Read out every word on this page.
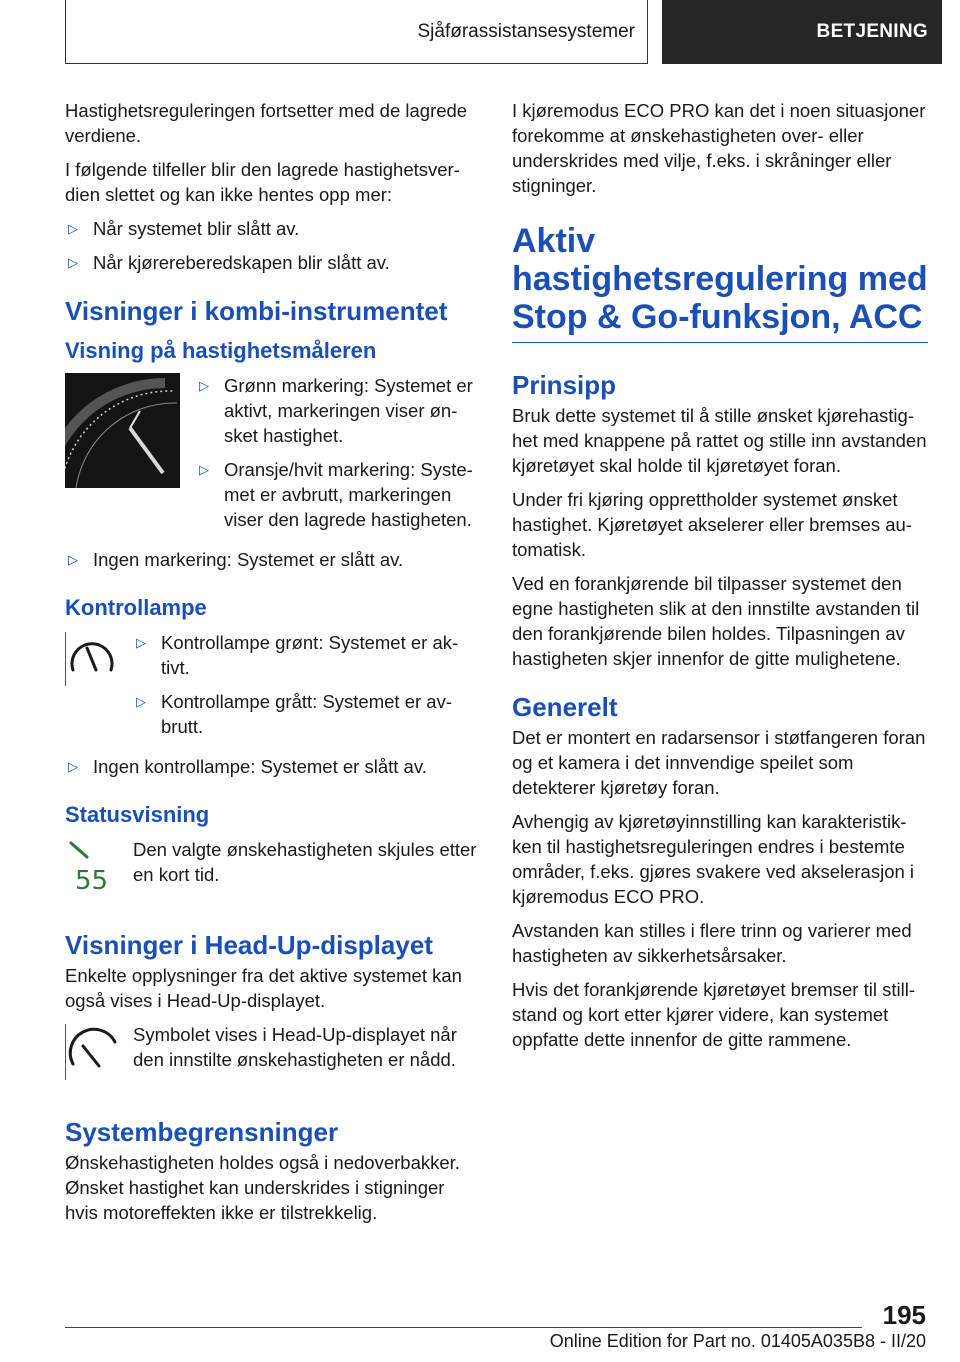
Sjåførassistansesystemer	BETJENING

Hastighetsreguleringen fortsetter med de lagrede verdiene.

I følgende tilfeller blir den lagrede hastighetsverdien slettet og kan ikke hentes opp mer:

▷ Når systemet blir slått av.
▷ Når kjørereberedskapen blir slått av.
Visninger i kombi-instrumentet
Visning på hastighetsmåleren
▷ Grønn markering: Systemet er aktivt, markeringen viser ønsket hastighet.
▷ Oransje/hvit markering: Systemet er avbrutt, markeringen viser den lagrede hastigheten.
▷ Ingen markering: Systemet er slått av.
Kontrollampe
▷ Kontrollampe grønt: Systemet er aktivt.
▷ Kontrollampe grått: Systemet er avbrutt.
▷ Ingen kontrollampe: Systemet er slått av.
Statusvisning
55

Den valgte ønskehastigheten skjules etter en kort tid.

Visninger i Head-Up-displayet

Enkelte opplysninger fra det aktive systemet kan også vises i Head-Up-displayet.

Symbolet vises i Head-Up-displayet når den innstilte ønskehastigheten er nådd.

Systembegrensninger

Ønskehastigheten holdes også i nedoverbakker. Ønsket hastighet kan underskrides i stigninger hvis motoreffekten ikke er tilstrekkelig.

I kjøremodus ECO PRO kan det i noen situasjoner forekomme at ønskehastigheten over- eller underskrides med vilje, f.eks. i skråninger eller stigninger.

Aktiv hastighetsregulering med Stop & Go-funksjon, ACC
Prinsipp

Bruk dette systemet til å stille ønsket kjørehastighet med knappene på rattet og stille inn avstanden kjøretøyet skal holde til kjøretøyet foran.

Under fri kjøring opprettholder systemet ønsket hastighet. Kjøretøyet akselerer eller bremses automatisk.

Ved en forankjørende bil tilpasser systemet den egne hastigheten slik at den innstilte avstanden til den forankjørende bilen holdes. Tilpasningen av hastigheten skjer innenfor de gitte mulighetene.

Generelt

Det er montert en radarsensor i støtfangeren foran og et kamera i det innvendige speilet som detekterer kjøretøy foran.

Avhengig av kjøretøyinnstilling kan karakteristikken til hastighetsreguleringen endres i bestemte områder, f.eks. gjøres svakere ved akselerasjon i kjøremodus ECO PRO.

Avstanden kan stilles i flere trinn og varierer med hastigheten av sikkerhetsårsaker.

Hvis det forankjørende kjøretøyet bremser til stillstand og kort etter kjører videre, kan systemet oppfatte dette innenfor de gitte rammene.

195
Online Edition for Part no. 01405A035B8 - II/20
